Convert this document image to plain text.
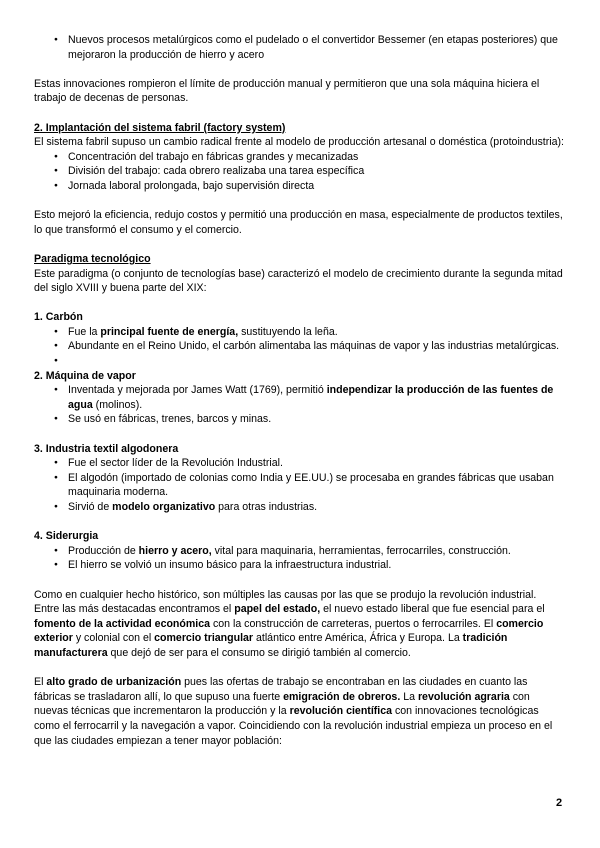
● Nuevos procesos metalúrgicos como el pudelado o el convertidor Bessemer (en etapas posteriores) que mejoraron la producción de hierro y acero

Estas innovaciones rompieron el límite de producción manual y permitieron que una sola máquina hiciera el trabajo de decenas de personas.

2. Implantación del sistema fabril (factory system)

El sistema fabril supuso un cambio radical frente al modelo de producción artesanal o doméstica (protoindustria):

● Concentración del trabajo en fábricas grandes y mecanizadas
● División del trabajo: cada obrero realizaba una tarea específica
● Jornada laboral prolongada, bajo supervisión directa

Esto mejoró la eficiencia, redujo costos y permitió una producción en masa, especialmente de productos textiles, lo que transformó el consumo y el comercio.

Paradigma tecnológico

Este paradigma (o conjunto de tecnologías base) caracterizó el modelo de crecimiento durante la segunda mitad del siglo XVIII y buena parte del XIX:

1. Carbón

● Fue la principal fuente de energía, sustituyendo la leña.
● Abundante en el Reino Unido, el carbón alimentaba las máquinas de vapor y las industrias metalúrgicas.
●

2. Máquina de vapor

● Inventada y mejorada por James Watt (1769), permitió independizar la producción de las fuentes de agua (molinos).
● Se usó en fábricas, trenes, barcos y minas.

3. Industria textil algodonera

● Fue el sector líder de la Revolución Industrial.
● El algodón (importado de colonias como India y EE.UU.) se procesaba en grandes fábricas que usaban maquinaria moderna.
● Sirvió de modelo organizativo para otras industrias.

4. Siderurgia

● Producción de hierro y acero, vital para maquinaria, herramientas, ferrocarriles, construcción.
● El hierro se volvió un insumo básico para la infraestructura industrial.

Como en cualquier hecho histórico, son múltiples las causas por las que se produjo la revolución industrial. Entre las más destacadas encontramos el papel del estado, el nuevo estado liberal que fue esencial para el fomento de la actividad económica con la construcción de carreteras, puertos o ferrocarriles. El comercio exterior y colonial con el comercio triangular atlántico entre América, África y Europa. La tradición manufacturera que dejó de ser para el consumo se dirigió también al comercio.

El alto grado de urbanización pues las ofertas de trabajo se encontraban en las ciudades en cuanto las fábricas se trasladaron allí, lo que supuso una fuerte emigración de obreros. La revolución agraria con nuevas técnicas que incrementaron la producción y la revolución científica con innovaciones tecnológicas como el ferrocarril y la navegación a vapor. Coincidiendo con la revolución industrial empieza un proceso en el que las ciudades empiezan a tener mayor población:

2
